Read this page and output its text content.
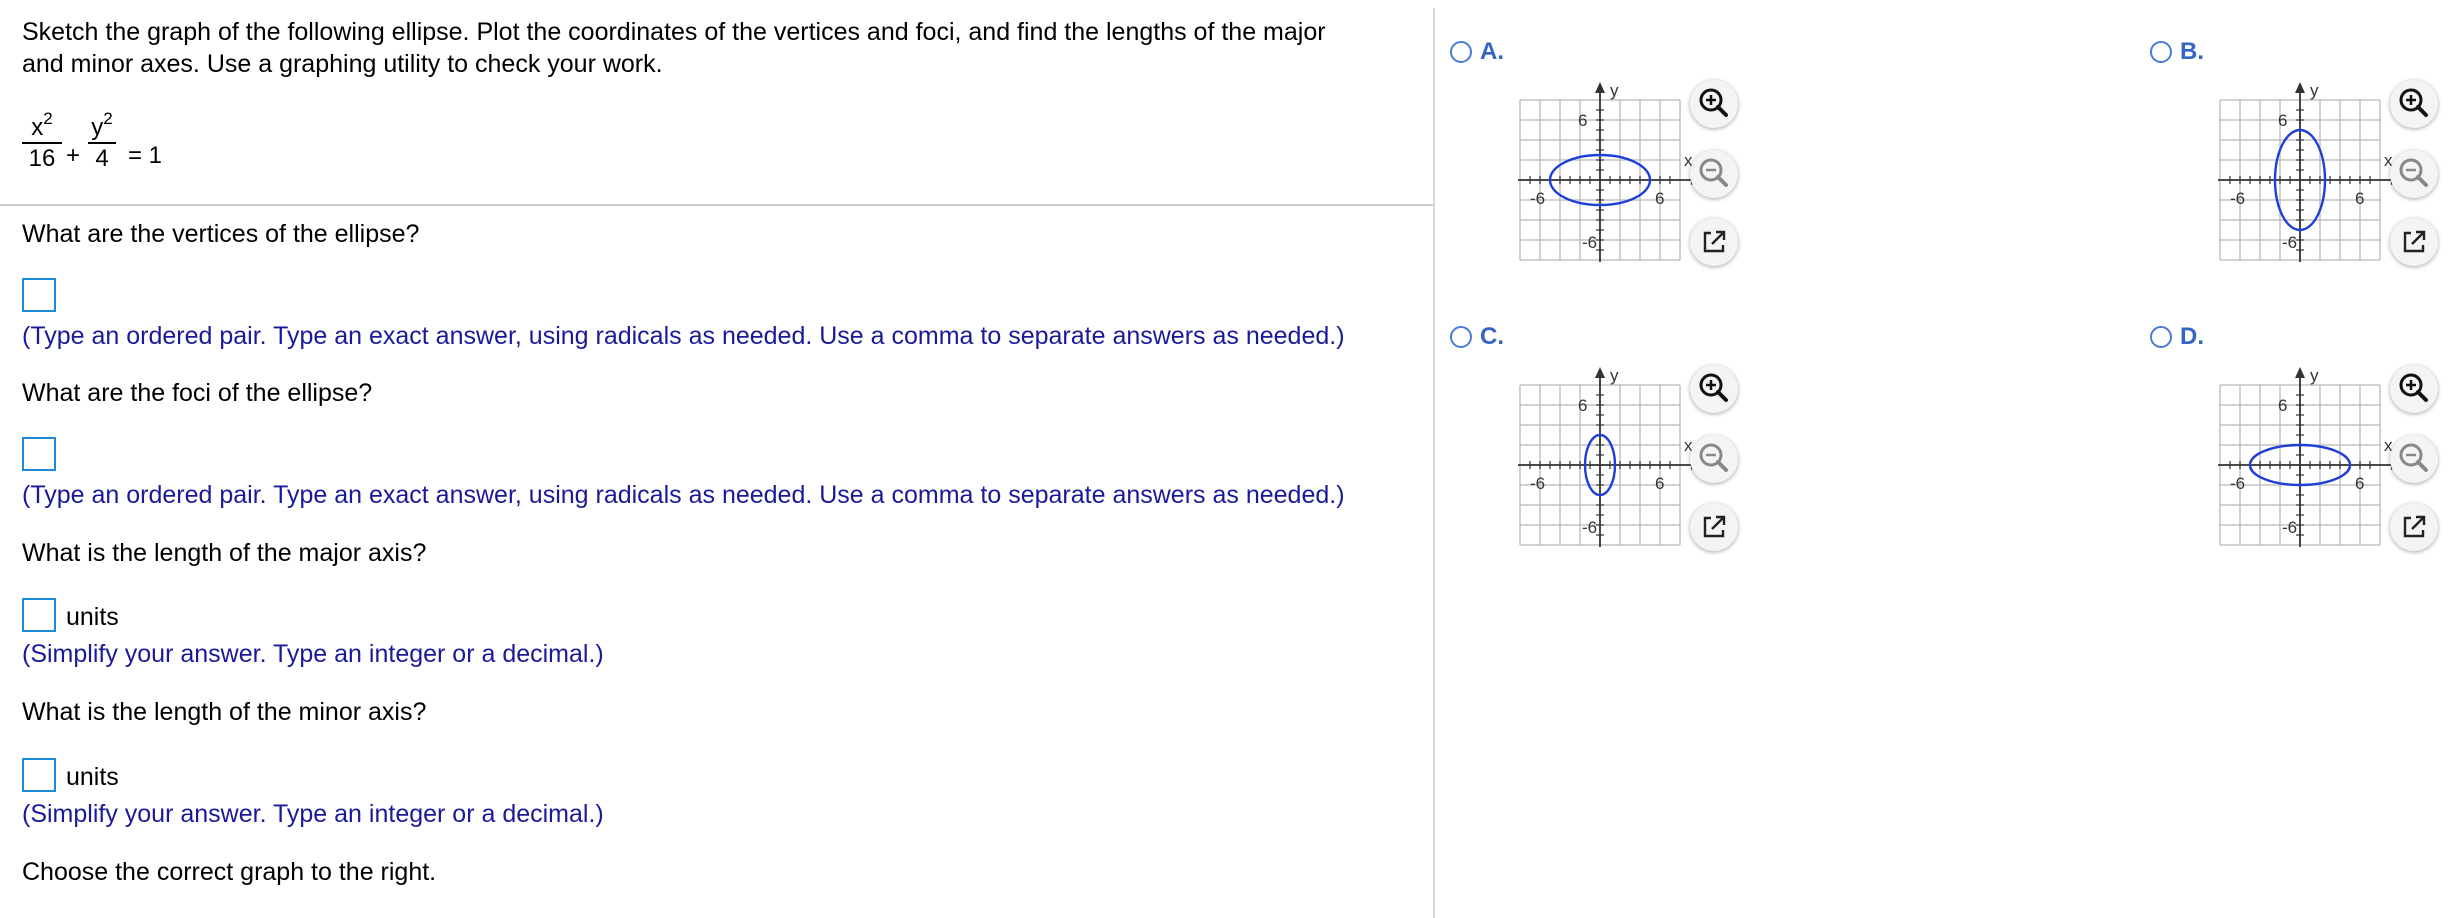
Sketch the graph of the following ellipse. Plot the coordinates of the vertices and foci, and find the lengths of the major
and minor axes. Use a graphing utility to check your work.
$x^2$
16 +
$y^2$
4 = 1
What are the vertices of the ellipse?
(Type an ordered pair. Type an exact answer, using radicals as needed. Use a comma to separate answers as needed.)
What are the foci of the ellipse?
(Type an ordered pair. Type an exact answer, using radicals as needed. Use a comma to separate answers as needed.)
What is the length of the major axis?
units
(Simplify your answer. Type an integer or a decimal.)
What is the length of the minor axis?
units
(Simplify your answer. Type an integer or a decimal.)
Choose the correct graph to the right.
A.	B.
C.	D.
y
x
-6	6
6
-6
y
x
-6	6
6
-6
y
x
-6	6
6
-6
y
x
-6	6
6
-6
